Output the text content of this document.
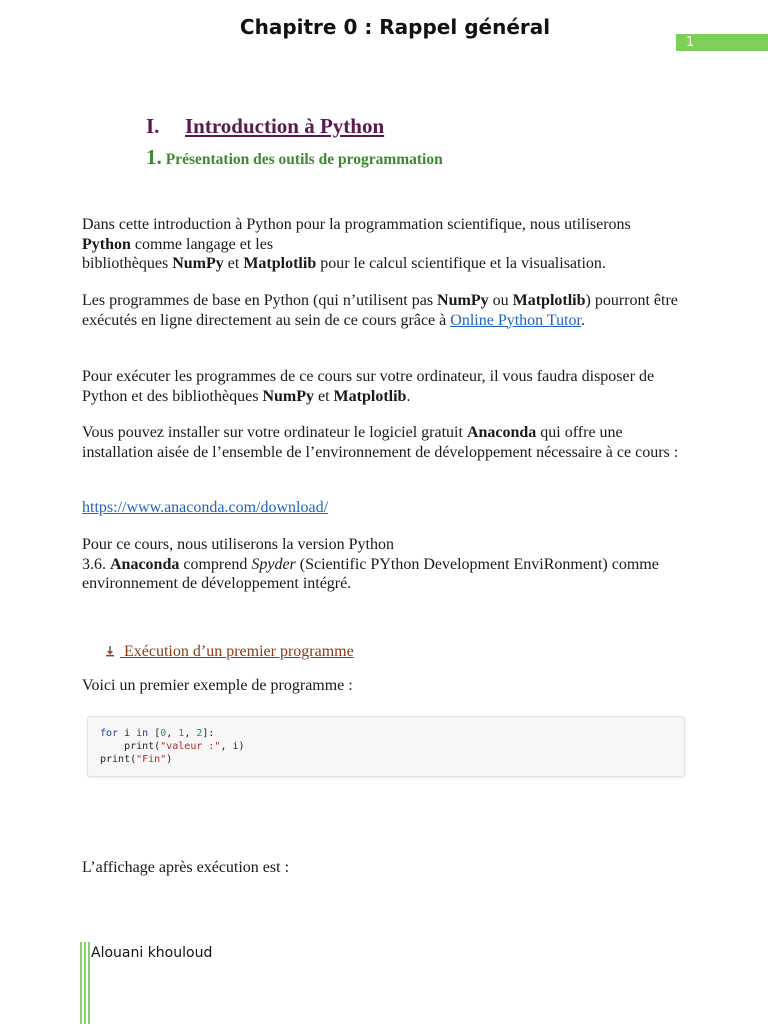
Chapitre 0 : Rappel général
1
I. Introduction à Python
1. Présentation des outils de programmation

Dans cette introduction à Python pour la programmation scientifique, nous utiliserons Python comme langage et les
bibliothèques NumPy et Matplotlib pour le calcul scientifique et la visualisation.

Les programmes de base en Python (qui n’utilisent pas NumPy ou Matplotlib) pourront être exécutés en ligne directement au sein de ce cours grâce à Online Python Tutor.

Pour exécuter les programmes de ce cours sur votre ordinateur, il vous faudra disposer de Python et des bibliothèques NumPy et Matplotlib.

Vous pouvez installer sur votre ordinateur le logiciel gratuit Anaconda qui offre une installation aisée de l’ensemble de l’environnement de développement nécessaire à ce cours :

https://www.anaconda.com/download/

Pour ce cours, nous utiliserons la version Python
3.6. Anaconda comprend Spyder (Scientific PYthon Development EnviRonment) comme environnement de développement intégré.

Exécution d’un premier programme

Voici un premier exemple de programme :

for i in [0, 1, 2]:
print("valeur :", i)
print("Fin")

L’affichage après exécution est :

Alouani khouloud
